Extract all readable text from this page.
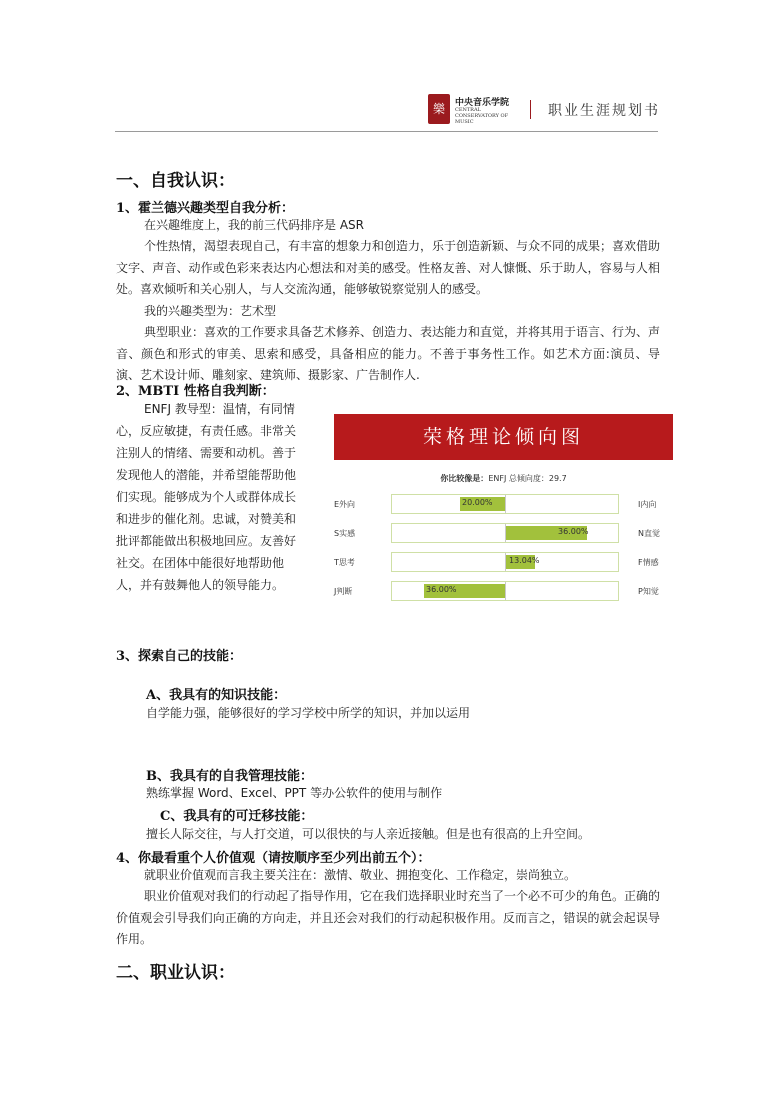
樂 中央音乐学院
CENTRAL CONSERVATORY OF MUSIC
职业生涯规划书
一、自我认识：
1、霍兰德兴趣类型自我分析：
在兴趣维度上，我的前三代码排序是 ASR
个性热情，渴望表现自己，有丰富的想象力和创造力，乐于创造新颖、与众不同的成果；喜欢借助文字、声音、动作或色彩来表达内心想法和对美的感受。性格友善、对人慷慨、乐于助人，容易与人相处。喜欢倾听和关心别人，与人交流沟通，能够敏锐察觉别人的感受。
我的兴趣类型为：艺术型
典型职业：喜欢的工作要求具备艺术修养、创造力、表达能力和直觉，并将其用于语言、行为、声音、颜色和形式的审美、思索和感受，具备相应的能力。不善于事务性工作。如艺术方面:演员、导演、艺术设计师、雕刻家、建筑师、摄影家、广告制作人.
2、MBTI 性格自我判断：
ENFJ 教导型：温情，有同情心，反应敏捷，有责任感。非常关注别人的情绪、需要和动机。善于发现他人的潜能，并希望能帮助他们实现。能够成为个人或群体成长和进步的催化剂。忠诚，对赞美和批评都能做出积极地回应。友善好社交。在团体中能很好地帮助他人，并有鼓舞他人的领导能力。
荣格理论倾向图
你比较像是：ENFJ 总倾向度：29.7
E外向	20.00%	I内向
S实感	36.00%	N直觉
T思考	13.04%	F情感
J判断	36.00%	P知觉
3、探索自己的技能：
A、我具有的知识技能：
自学能力强，能够很好的学习学校中所学的知识，并加以运用
B、我具有的自我管理技能：
熟练掌握 Word、Excel、PPT 等办公软件的使用与制作
C、我具有的可迁移技能：
擅长人际交往，与人打交道，可以很快的与人亲近接触。但是也有很高的上升空间。
4、你最看重个人价值观（请按顺序至少列出前五个）：
就职业价值观而言我主要关注在：激情、敬业、拥抱变化、工作稳定，崇尚独立。
职业价值观对我们的行动起了指导作用，它在我们选择职业时充当了一个必不可少的角色。正确的价值观会引导我们向正确的方向走，并且还会对我们的行动起积极作用。反而言之，错误的就会起误导作用。
二、职业认识：
